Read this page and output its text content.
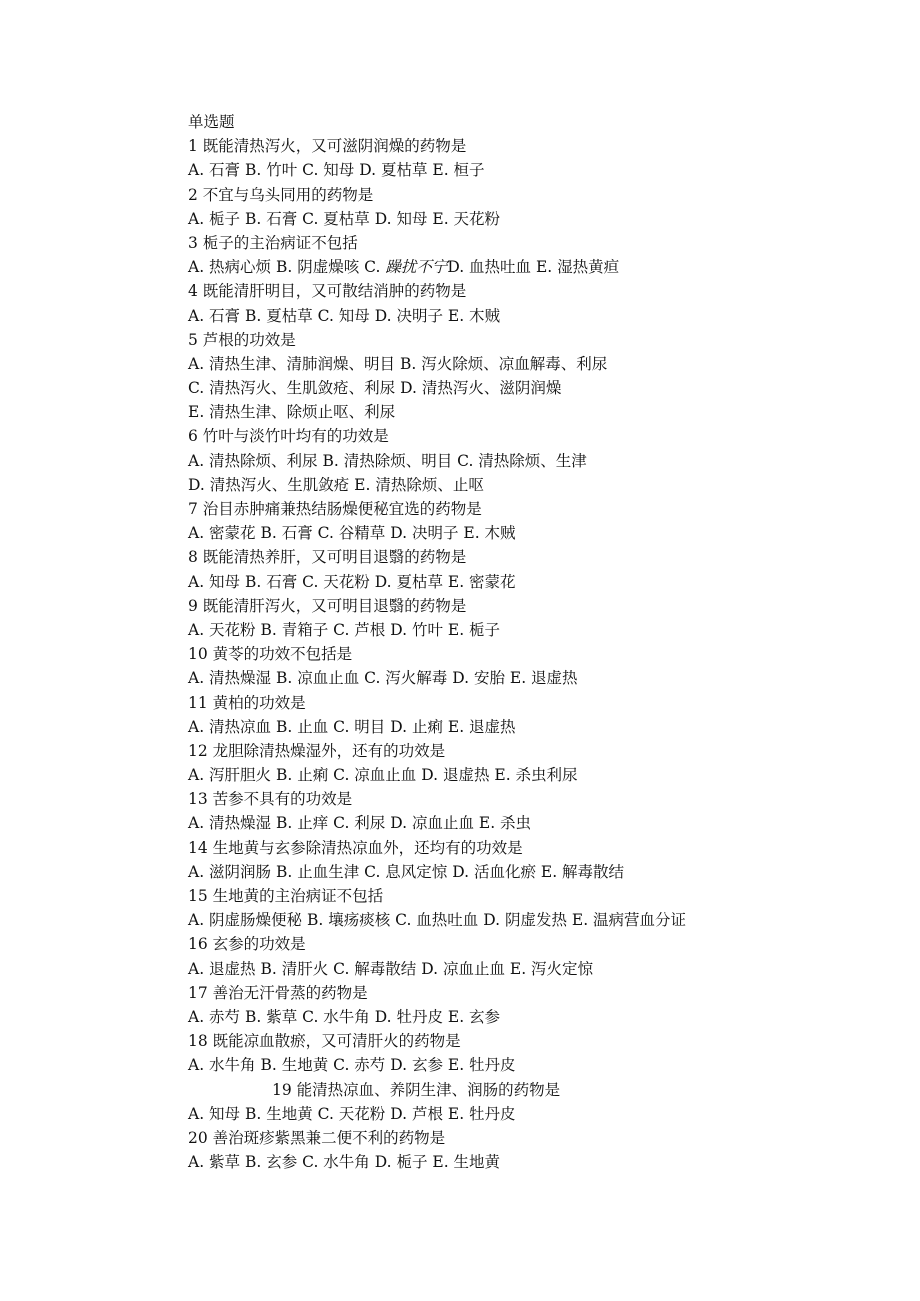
单选题
1 既能清热泻火，又可滋阴润燥的药物是
A. 石膏 B. 竹叶 C. 知母 D. 夏枯草 E. 桓子
2 不宜与乌头同用的药物是
A. 栀子 B. 石膏 C. 夏枯草 D. 知母 E. 天花粉
3 栀子的主治病证不包括
A. 热病心烦 B. 阴虚燥咳 C. 躁扰不宁D. 血热吐血 E. 湿热黄疸
4 既能清肝明目，又可散结消肿的药物是
A. 石膏 B. 夏枯草 C. 知母 D. 决明子 E. 木贼
5 芦根的功效是
A. 清热生津、清肺润燥、明目 B. 泻火除烦、凉血解毒、利尿
C. 清热泻火、生肌敛疮、利尿 D. 清热泻火、滋阴润燥
E. 清热生津、除烦止呕、利尿
6 竹叶与淡竹叶均有的功效是
A. 清热除烦、利尿 B. 清热除烦、明目 C. 清热除烦、生津
D. 清热泻火、生肌敛疮 E. 清热除烦、止呕
7 治目赤肿痛兼热结肠燥便秘宜选的药物是
A. 密蒙花 B. 石膏 C. 谷精草 D. 决明子 E. 木贼
8 既能清热养肝，又可明目退翳的药物是
A. 知母 B. 石膏 C. 天花粉 D. 夏枯草 E. 密蒙花
9 既能清肝泻火，又可明目退翳的药物是
A. 天花粉 B. 青箱子 C. 芦根 D. 竹叶 E. 栀子
10 黄苓的功效不包括是
A. 清热燥湿 B. 凉血止血 C. 泻火解毒 D. 安胎 E. 退虚热
11 黄柏的功效是
A. 清热凉血 B. 止血 C. 明目 D. 止痢 E. 退虚热
12 龙胆除清热燥湿外，还有的功效是
A. 泻肝胆火 B. 止痢 C. 凉血止血 D. 退虚热 E. 杀虫利尿
13 苦参不具有的功效是
A. 清热燥湿 B. 止痒 C. 利尿 D. 凉血止血 E. 杀虫
14 生地黄与玄参除清热凉血外，还均有的功效是
A. 滋阴润肠 B. 止血生津 C. 息风定惊 D. 活血化瘀 E. 解毒散结
15 生地黄的主治病证不包括
A. 阴虚肠燥便秘 B. 壤疡痰核 C. 血热吐血 D. 阴虚发热 E. 温病营血分证
16 玄参的功效是
A. 退虚热 B. 清肝火 C. 解毒散结 D. 凉血止血 E. 泻火定惊
17 善治无汗骨蒸的药物是
A. 赤芍 B. 紫草 C. 水牛角 D. 牡丹皮 E. 玄参
18 既能凉血散瘀，又可清肝火的药物是
A. 水牛角 B. 生地黄 C. 赤芍 D. 玄参 E. 牡丹皮
19 能清热凉血、养阴生津、润肠的药物是
A. 知母 B. 生地黄 C. 天花粉 D. 芦根 E. 牡丹皮
20 善治斑疹紫黑兼二便不利的药物是
A. 紫草 B. 玄参 C. 水牛角 D. 栀子 E. 生地黄
